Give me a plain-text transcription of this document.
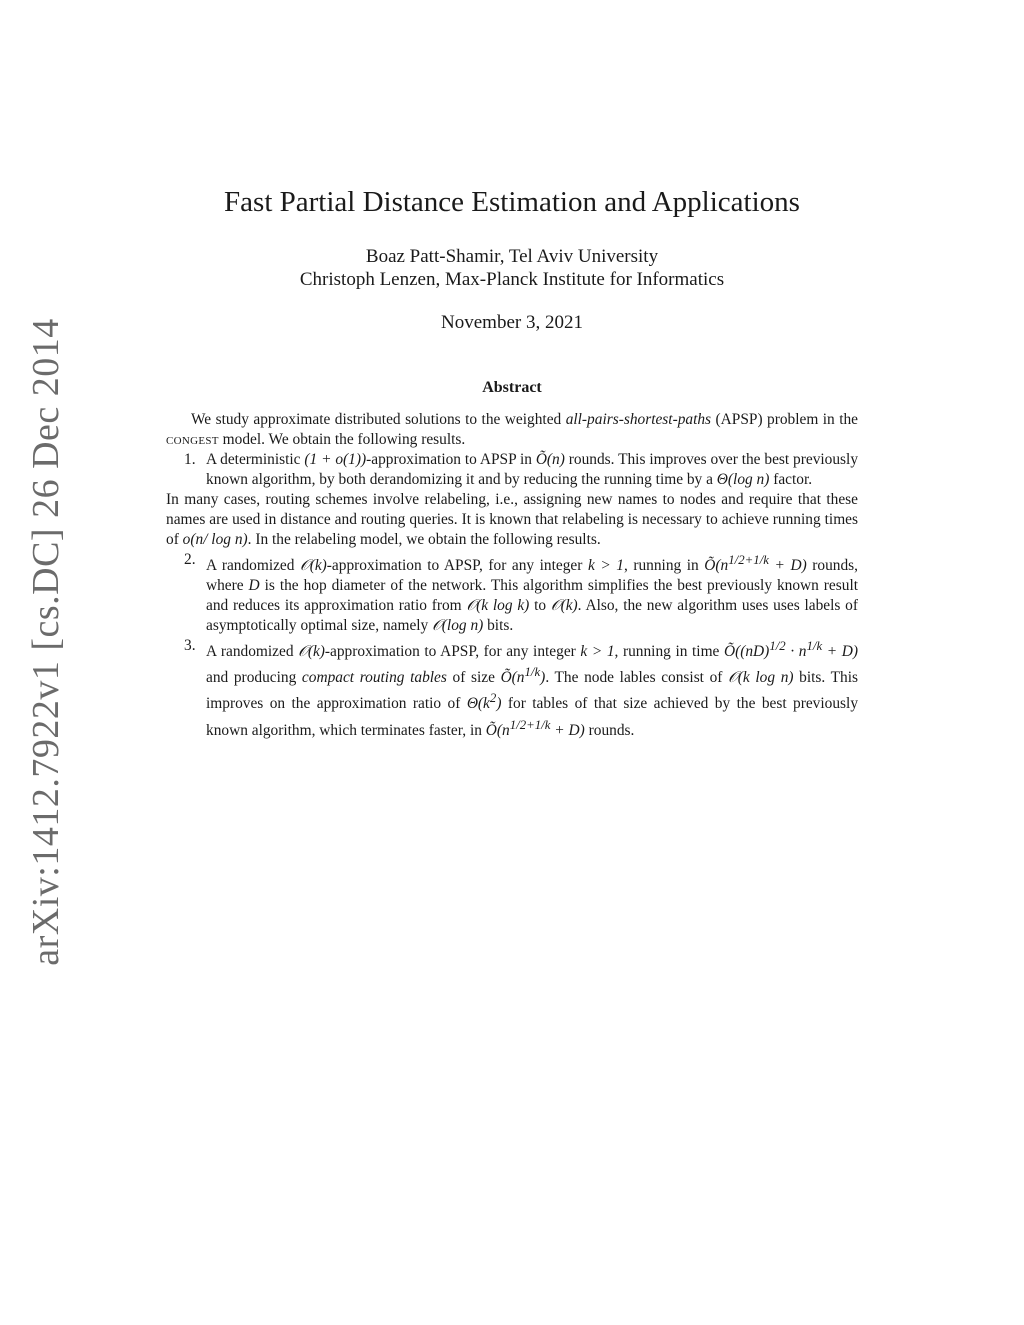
arXiv:1412.7922v1 [cs.DC] 26 Dec 2014
Fast Partial Distance Estimation and Applications
Boaz Patt-Shamir, Tel Aviv University
Christoph Lenzen, Max-Planck Institute for Informatics
November 3, 2021
Abstract

We study approximate distributed solutions to the weighted all-pairs-shortest-paths (APSP) problem in the congest model. We obtain the following results.

1. A deterministic (1 + o(1))-approximation to APSP in Õ(n) rounds. This improves over the best previously known algorithm, by both derandomizing it and by reducing the running time by a Θ(log n) factor.

In many cases, routing schemes involve relabeling, i.e., assigning new names to nodes and require that these names are used in distance and routing queries. It is known that relabeling is necessary to achieve running times of o(n/ log n). In the relabeling model, we obtain the following results.

2. A randomized 𝒪(k)-approximation to APSP, for any integer k > 1, running in $Õ(n^{1/2+1/k} + D)$ rounds, where D is the hop diameter of the network. This algorithm simplifies the best previously known result and reduces its approximation ratio from 𝒪(k log k) to 𝒪(k). Also, the new algorithm uses uses labels of asymptotically optimal size, namely 𝒪(log n) bits.
3. A randomized 𝒪(k)-approximation to APSP, for any integer k > 1, running in time Õ((nD)$^{1/2}$ · $n^{1/k} + D$) and producing compact routing tables of size $Õ(n^{1/k})$. The node lables consist of 𝒪(k log n) bits. This improves on the approximation ratio of $\Theta(k^2)$ for tables of that size achieved by the best previously known algorithm, which terminates faster, in $Õ(n^{1/2+1/k} + D)$ rounds.
